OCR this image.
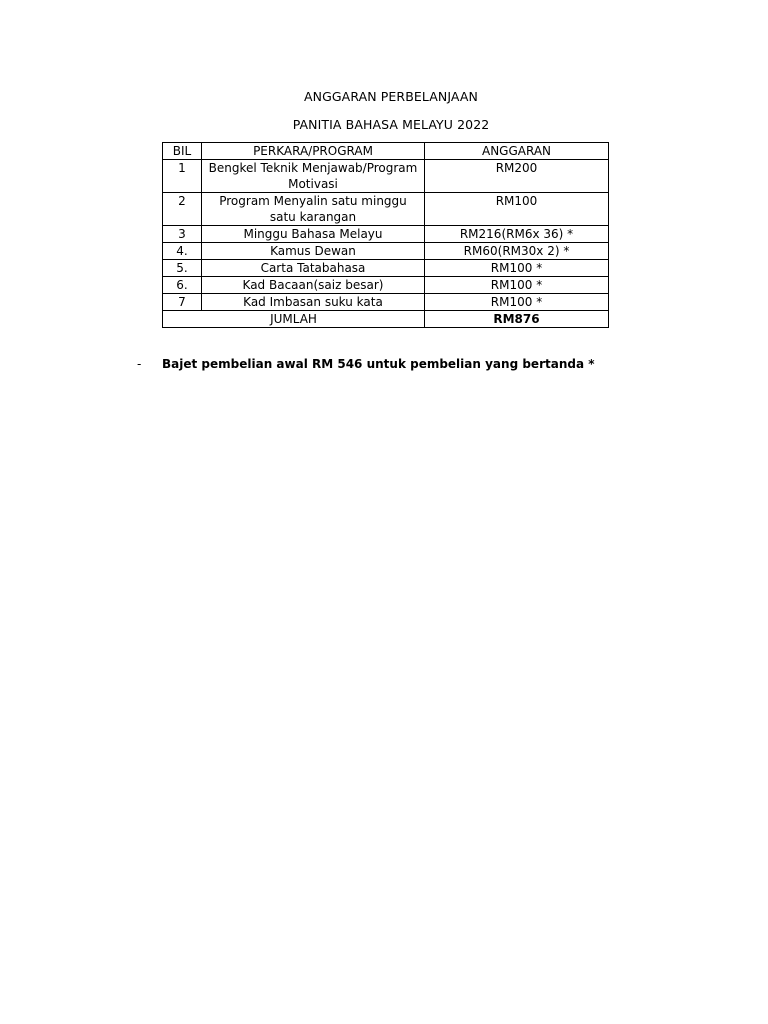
ANGGARAN PERBELANJAAN
PANITIA BAHASA MELAYU 2022
BIL	PERKARA/PROGRAM	ANGGARAN
1	Bengkel Teknik Menjawab/Program Motivasi	RM200
2	Program Menyalin satu minggu satu karangan	RM100
3	Minggu Bahasa Melayu	RM216(RM6x 36) *
4.	Kamus Dewan	RM60(RM30x 2) *
5.	Carta Tatabahasa	RM100 *
6.	Kad Bacaan(saiz besar)	RM100 *
7	Kad Imbasan suku kata	RM100 *
JUMLAH		RM876
- Bajet pembelian awal RM 546 untuk pembelian yang bertanda *
